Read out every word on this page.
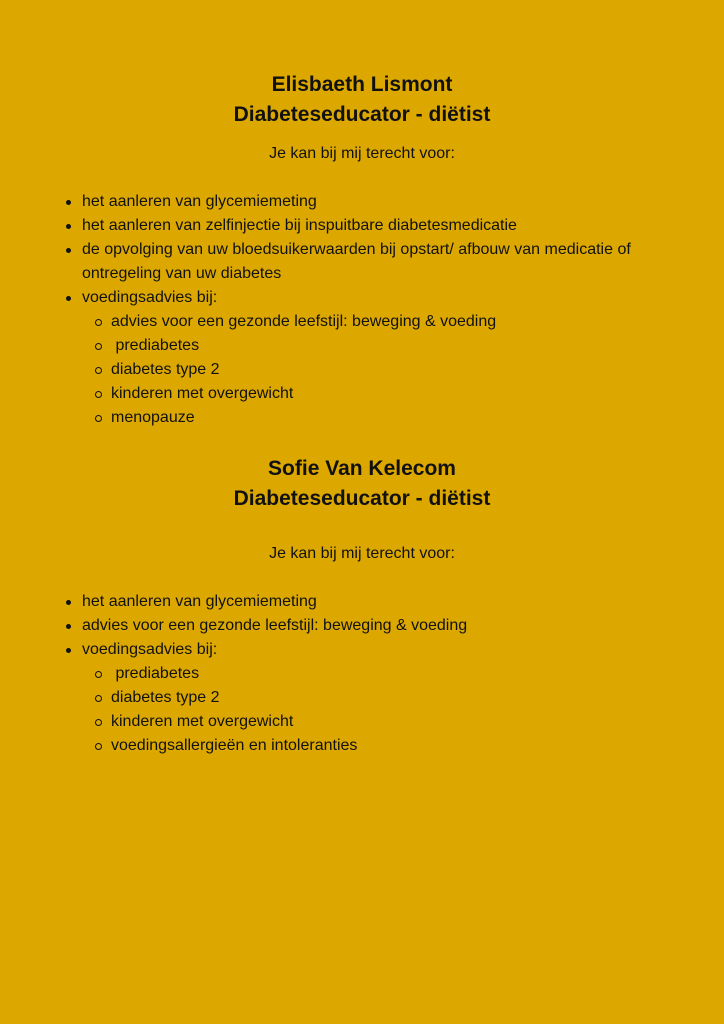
Elisbaeth Lismont
Diabeteseducator - diëtist

Je kan bij mij terecht voor:

het aanleren van glycemiemeting
het aanleren van zelfinjectie bij inspuitbare diabetesmedicatie
de opvolging van uw bloedsuikerwaarden bij opstart/ afbouw van medicatie of ontregeling van uw diabetes
voedingsadvies bij:
advies voor een gezonde leefstijl: beweging & voeding
prediabetes
diabetes type 2
kinderen met overgewicht
menopauze
Sofie Van Kelecom
Diabeteseducator - diëtist

Je kan bij mij terecht voor:

het aanleren van glycemiemeting
advies voor een gezonde leefstijl: beweging & voeding
voedingsadvies bij:
prediabetes
diabetes type 2
kinderen met overgewicht
voedingsallergieën en intoleranties
